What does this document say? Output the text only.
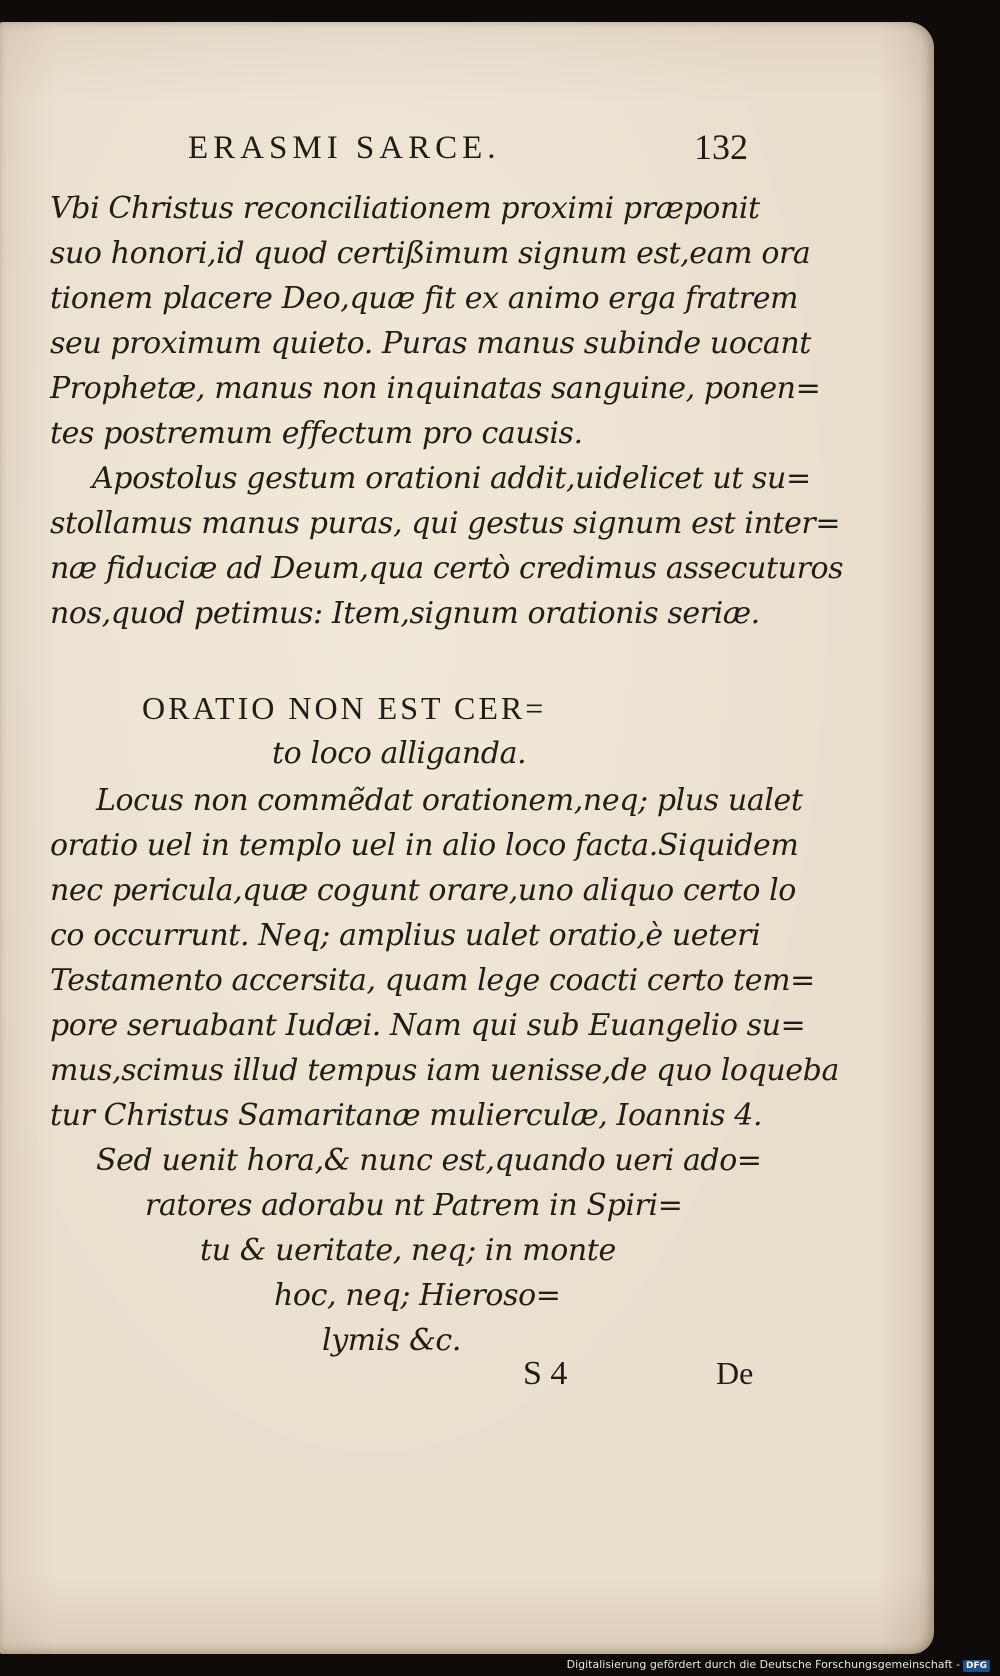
ERASMI SARCE.	132

Vbi Christus reconciliationem proximi præponit

suo honori,id quod certißimum signum est,eam ora

tionem placere Deo,quæ fit ex animo erga fratrem

seu proximum quieto. Puras manus subinde uocant

Prophetæ, manus non inquinatas sanguine, ponen=

tes postremum effectum pro causis.

Apostolus gestum orationi addit,uidelicet ut su=

stollamus manus puras, qui gestus signum est inter=

næ fiduciæ ad Deum,qua certò credimus assecuturos

nos,quod petimus: Item,signum orationis seriæ.

ORATIO NON EST CER=

to loco alliganda.

Locus non commẽdat orationem,neq; plus ualet

oratio uel in templo uel in alio loco facta.Siquidem

nec pericula,quæ cogunt orare,uno aliquo certo lo

co occurrunt. Neq; amplius ualet oratio,è ueteri

Testamento accersita, quam lege coacti certo tem=

pore seruabant Iudæi. Nam qui sub Euangelio su=

mus,scimus illud tempus iam uenisse,de quo loqueba

tur Christus Samaritanæ mulierculæ, Ioannis 4.

Sed uenit hora,& nunc est,quando ueri ado=

ratores adorabu nt Patrem in Spiri=

tu & ueritate, neq; in monte

hoc, neq; Hieroso=

lymis &c.

S 4	De
Digitalisierung gefördert durch die Deutsche Forschungsgemeinschaft - DFG
